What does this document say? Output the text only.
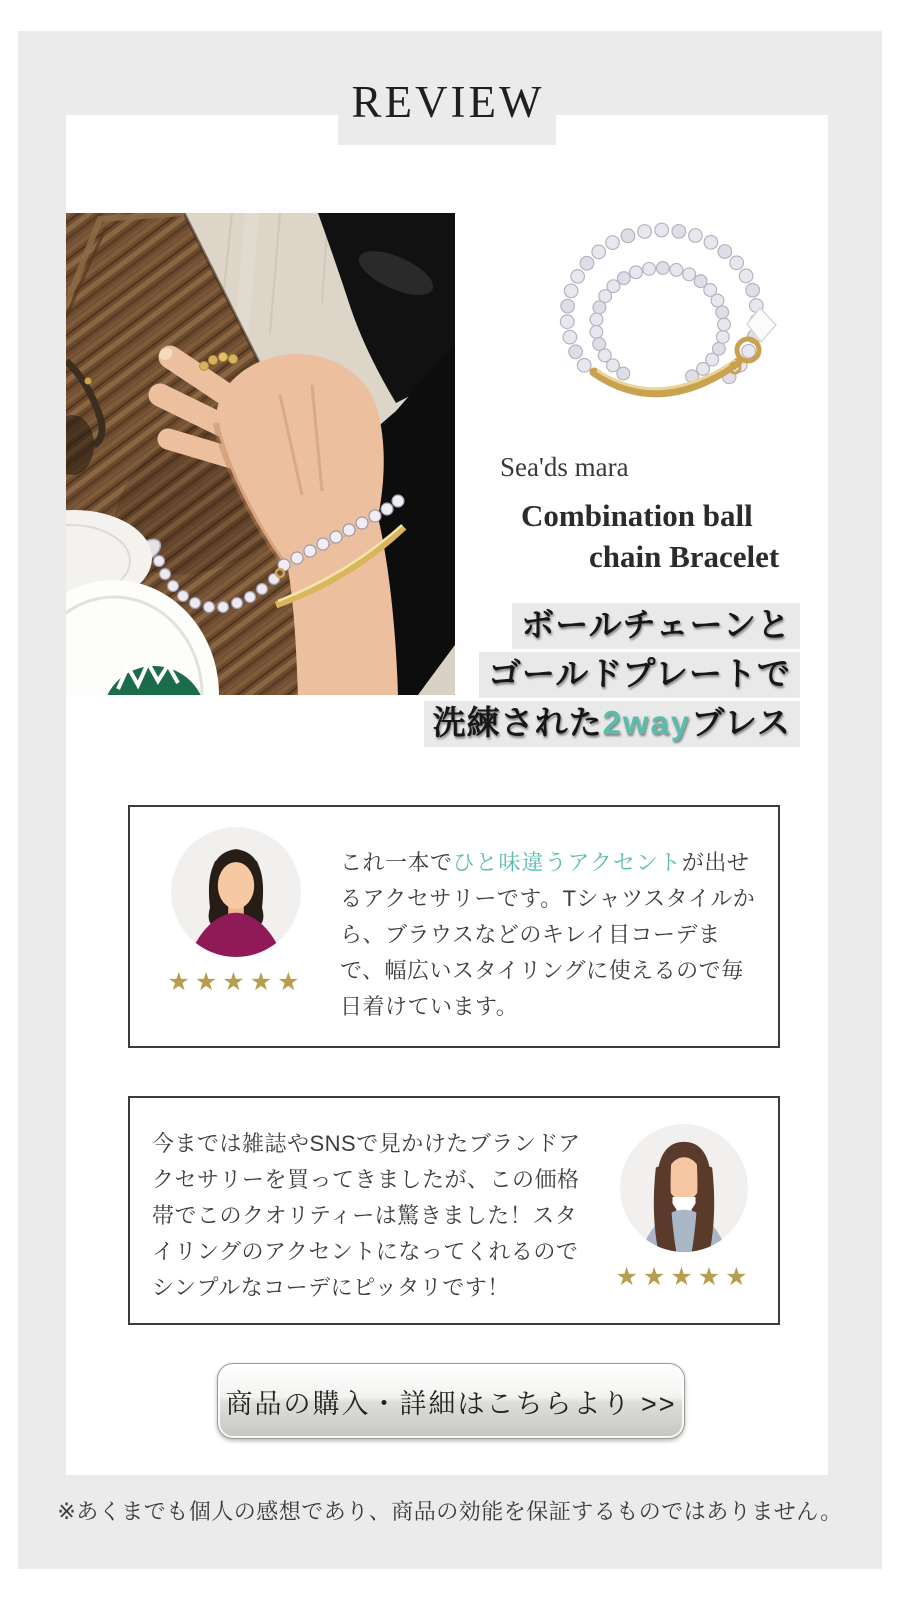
REVIEW
Sea'ds mara
Combination ball
chain Bracelet
ボールチェーンと
ゴールドプレートで
洗練された2wayブレス
★★★★★
これ一本でひと味違うアクセントが出せるアクセサリーです。Tシャツスタイルから、ブラウスなどのキレイ目コーデまで、幅広いスタイリングに使えるので毎日着けています。
今までは雑誌やSNSで見かけたブランドアクセサリーを買ってきましたが、この価格帯でこのクオリティーは驚きました！スタイリングのアクセントになってくれるのでシンプルなコーデにピッタリです！	★★★★★
商品の購入・詳細はこちらより >>
※あくまでも個人の感想であり、商品の効能を保証するものではありません。
